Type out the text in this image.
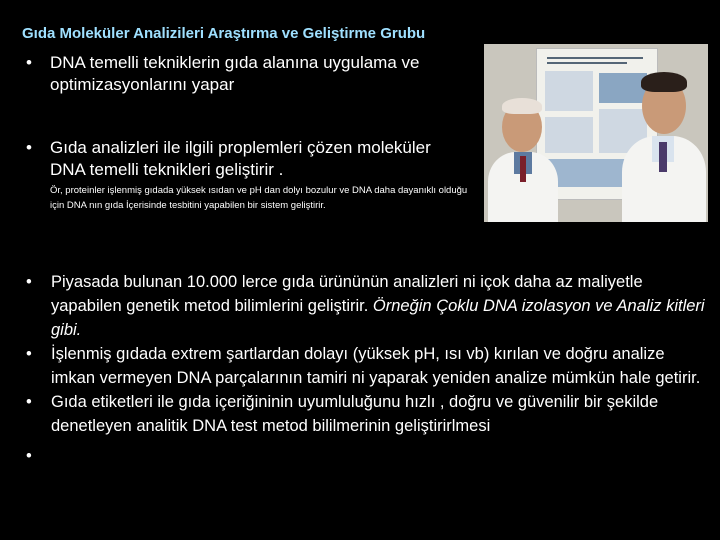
Gıda Moleküler Analizileri Araştırma ve Geliştirme Grubu
•	DNA temelli tekniklerin gıda alanına uygulama ve optimizasyonlarını yapar
•	Gıda analizleri ile ilgili proplemleri çözen moleküler DNA temelli teknikleri geliştirir .
Ör, proteinler işlenmiş gıdada yüksek ısıdan ve pH dan dolyı bozulur ve DNA daha dayanıklı olduğu için DNA nın gıda İçerisinde tesbitini yapabilen bir sistem geliştirir.
•	Piyasada bulunan 10.000 lerce gıda ürününün analizleri ni içok daha az maliyetle yapabilen genetik metod bilimlerini geliştirir. Örneğin Çoklu DNA izolasyon ve Analiz kitleri gibi.
•	İşlenmiş gıdada extrem şartlardan dolayı (yüksek pH, ısı vb) kırılan ve doğru analize imkan vermeyen DNA parçalarının tamiri ni yaparak yeniden analize mümkün hale getirir.
•	Gıda etiketleri ile gıda içeriğininin uyumluluğunu hızlı , doğru ve güvenilir bir şekilde denetleyen analitik DNA test metod bililmerinin geliştirirlmesi
•
